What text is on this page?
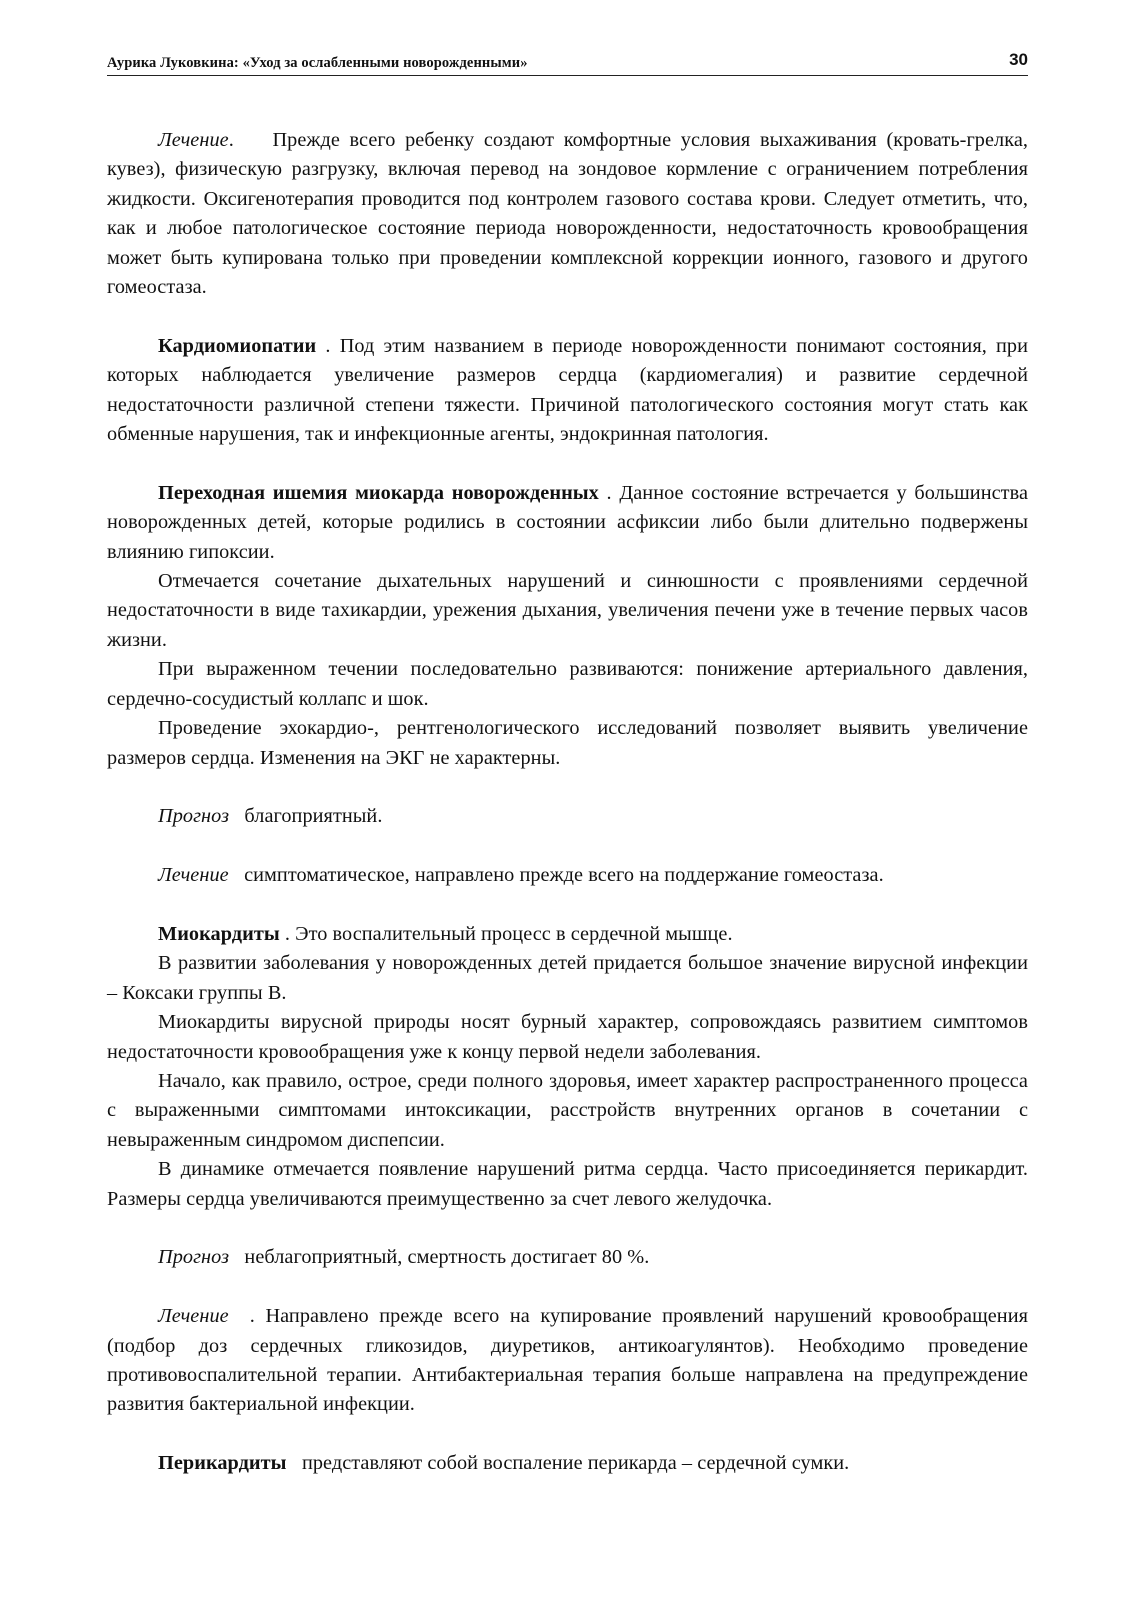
Аурика Луковкина: «Уход за ослабленными новорожденными»	30

Лечение.    Прежде всего ребенку создают комфортные условия выхаживания (кровать-грелка, кувез), физическую разгрузку, включая перевод на зондовое кормление с ограничением потребления жидкости. Оксигенотерапия проводится под контролем газового состава крови. Следует отметить, что, как и любое патологическое состояние периода новорожденности, недостаточность кровообращения может быть купирована только при проведении комплексной коррекции ионного, газового и другого гомеостаза.

Кардиомиопатии . Под этим названием в периоде новорожденности понимают состояния, при которых наблюдается увеличение размеров сердца (кардиомегалия) и развитие сердечной недостаточности различной степени тяжести. Причиной патологического состояния могут стать как обменные нарушения, так и инфекционные агенты, эндокринная патология.

Переходная ишемия миокарда новорожденных . Данное состояние встречается у большинства новорожденных детей, которые родились в состоянии асфиксии либо были длительно подвержены влиянию гипоксии.

Отмечается сочетание дыхательных нарушений и синюшности с проявлениями сердечной недостаточности в виде тахикардии, урежения дыхания, увеличения печени уже в течение первых часов жизни.

При выраженном течении последовательно развиваются: понижение артериального давления, сердечно-сосудистый коллапс и шок.

Проведение эхокардио-, рентгенологического исследований позволяет выявить увеличение размеров сердца. Изменения на ЭКГ не характерны.

Прогноз благоприятный.

Лечение симптоматическое, направлено прежде всего на поддержание гомеостаза.

Миокардиты . Это воспалительный процесс в сердечной мышце.

В развитии заболевания у новорожденных детей придается большое значение вирусной инфекции – Коксаки группы В.

Миокардиты вирусной природы носят бурный характер, сопровождаясь развитием симптомов недостаточности кровообращения уже к концу первой недели заболевания.

Начало, как правило, острое, среди полного здоровья, имеет характер распространенного процесса с выраженными симптомами интоксикации, расстройств внутренних органов в сочетании с невыраженным синдромом диспепсии.

В динамике отмечается появление нарушений ритма сердца. Часто присоединяется перикардит. Размеры сердца увеличиваются преимущественно за счет левого желудочка.

Прогноз неблагоприятный, смертность достигает 80 %.

Лечение  . Направлено прежде всего на купирование проявлений нарушений кровообращения (подбор доз сердечных гликозидов, диуретиков, антикоагулянтов). Необходимо проведение противовоспалительной терапии. Антибактериальная терапия больше направлена на предупреждение развития бактериальной инфекции.

Перикардиты представляют собой воспаление перикарда – сердечной сумки.
